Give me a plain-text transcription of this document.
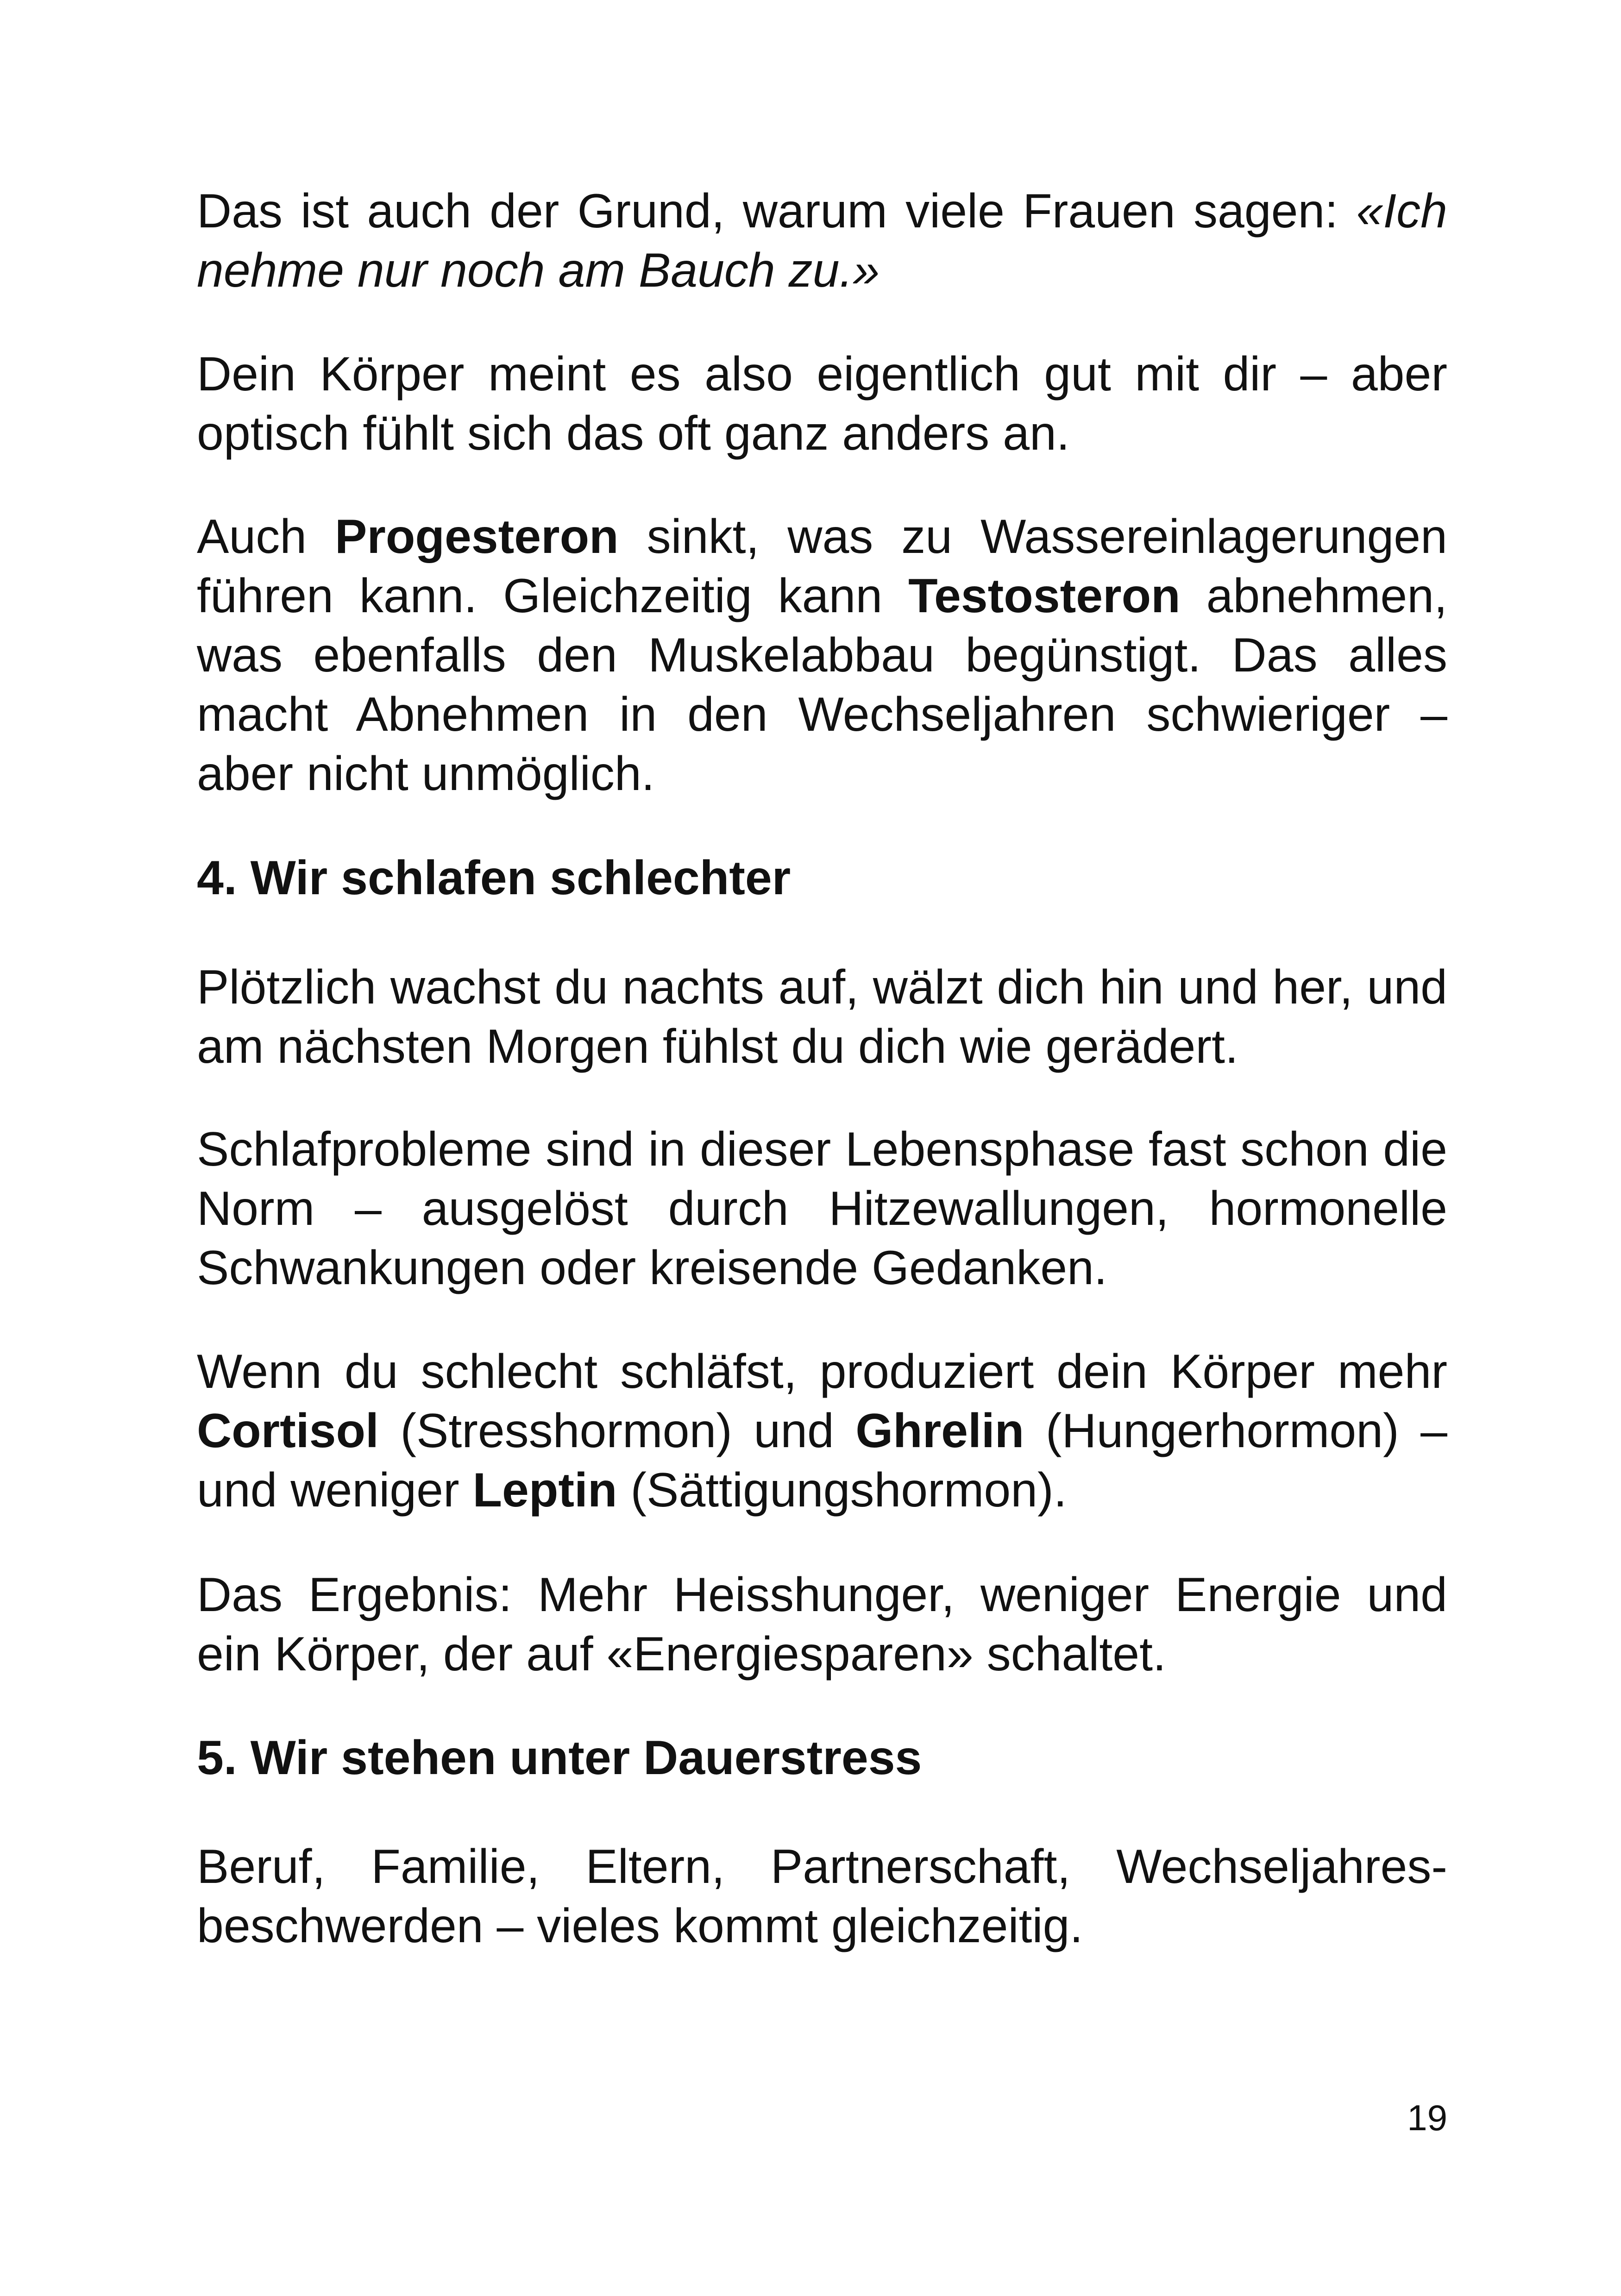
Das ist auch der Grund, warum viele Frauen sagen: «Ich nehme nur noch am Bauch zu.»

Dein Körper meint es also eigentlich gut mit dir – aber optisch fühlt sich das oft ganz anders an.

Auch Progesteron sinkt, was zu Wassereinlagerungen führen kann. Gleichzeitig kann Testosteron abnehmen, was ebenfalls den Muskelabbau begünstigt. Das alles macht Abnehmen in den Wechseljahren schwieriger – aber nicht unmöglich.

4. Wir schlafen schlechter

Plötzlich wachst du nachts auf, wälzt dich hin und her, und am nächsten Morgen fühlst du dich wie gerädert.

Schlafprobleme sind in dieser Lebensphase fast schon die Norm – ausgelöst durch Hitzewallungen, hormonelle Schwankungen oder kreisende Gedanken.

Wenn du schlecht schläfst, produziert dein Körper mehr Cortisol (Stresshormon) und Ghrelin (Hungerhormon) – und weniger Leptin (Sättigungshormon).

Das Ergebnis: Mehr Heisshunger, weniger Energie und ein Körper, der auf «Energiesparen» schaltet.

5. Wir stehen unter Dauerstress

Beruf, Familie, Eltern, Partnerschaft, Wechseljahres-beschwerden – vieles kommt gleichzeitig.

19
